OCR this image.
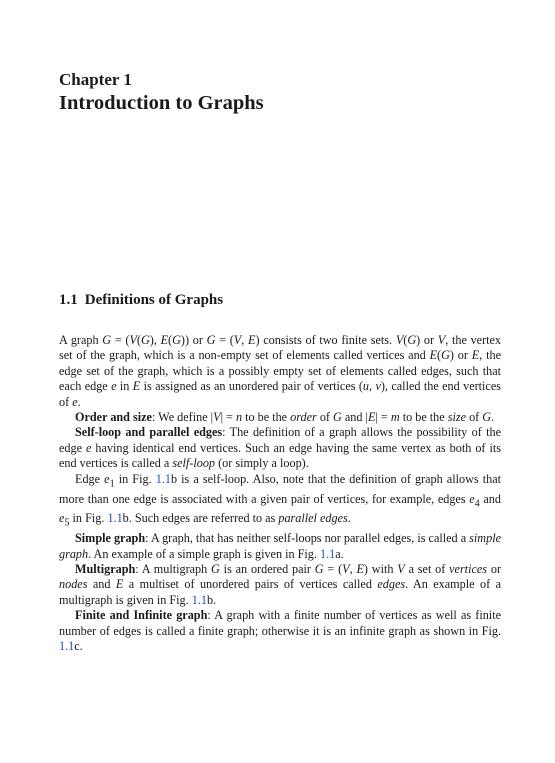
Chapter 1
Introduction to Graphs
1.1 Definitions of Graphs

A graph G = (V(G), E(G)) or G = (V, E) consists of two finite sets. V(G) or V, the vertex set of the graph, which is a non-empty set of elements called vertices and E(G) or E, the edge set of the graph, which is a possibly empty set of elements called edges, such that each edge e in E is assigned as an unordered pair of vertices (u, v), called the end vertices of e.

Order and size: We define |V| = n to be the order of G and |E| = m to be the size of G.

Self-loop and parallel edges: The definition of a graph allows the possibility of the edge e having identical end vertices. Such an edge having the same vertex as both of its end vertices is called a self-loop (or simply a loop).

Edge $e_1$ in Fig. 1.1b is a self-loop. Also, note that the definition of graph allows that more than one edge is associated with a given pair of vertices, for example, edges $e_4$ and $e_5$ in Fig. 1.1b. Such edges are referred to as parallel edges.

Simple graph: A graph, that has neither self-loops nor parallel edges, is called a simple graph. An example of a simple graph is given in Fig. 1.1a.

Multigraph: A multigraph G is an ordered pair G = (V, E) with V a set of vertices or nodes and E a multiset of unordered pairs of vertices called edges. An example of a multigraph is given in Fig. 1.1b.

Finite and Infinite graph: A graph with a finite number of vertices as well as finite number of edges is called a finite graph; otherwise it is an infinite graph as shown in Fig. 1.1c.
